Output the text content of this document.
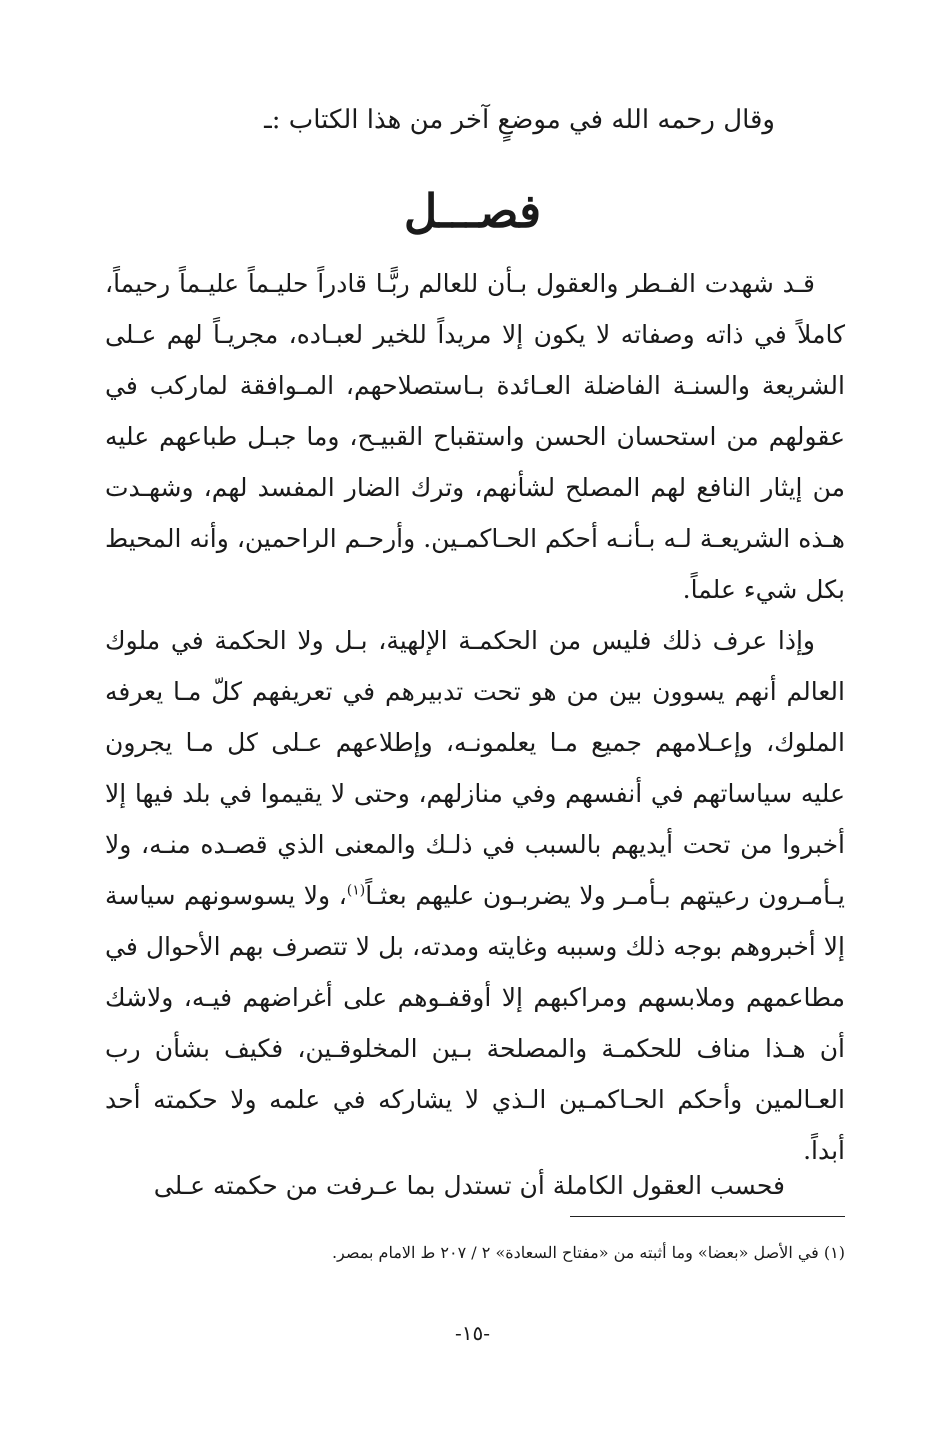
وقال رحمه الله في موضعٍ آخر من هذا الكتاب :ـ
فصـــل
قـد شهدت الفـطر والعقول بـأن للعالم ربًّـا قادراً حليـماً عليـماً رحيماً، كاملاً في ذاته وصفاته لا يكون إلا مريداً للخير لعبـاده، مجريـاً لهم عـلى الشريعة والسنـة الفاضلة العـائدة بـاستصلاحهم، المـوافقة لماركب في عقولهم من استحسان الحسن واستقباح القبيـح، وما جبـل طباعهم عليه من إيثار النافع لهم المصلح لشأنهم، وترك الضار المفسد لهم، وشهـدت هـذه الشريعـة لـه بـأنـه أحكم الحـاكمـين. وأرحـم الراحمين، وأنه المحيط بكل شيء علماً.
وإذا عرف ذلك فليس من الحكمـة الإلهية، بـل ولا الحكمة في ملوك العالم أنهم يسوون بين من هو تحت تدبيرهم في تعريفهم كلّ مـا يعرفه الملوك، وإعـلامهم جميع مـا يعلمونـه، وإطلاعهم عـلى كل مـا يجرون عليه سياساتهم في أنفسهم وفي منازلهم، وحتى لا يقيموا في بلد فيها إلا أخبروا من تحت أيديهم بالسبب في ذلـك والمعنى الذي قصـده منـه، ولا يـأمـرون رعيتهم بـأمـر ولا يضربـون عليهم بعثـاً$^{(١)}$، ولا يسوسونهم سياسة إلا أخبروهم بوجه ذلك وسببه وغايته ومدته، بل لا تتصرف بهم الأحوال في مطاعمهم وملابسهم ومراكبهم إلا أوقفـوهم على أغراضهم فيـه، ولاشك أن هـذا مناف للحكمـة والمصلحة بـين المخلوقـين، فكيف بشأن رب العـالمين وأحكم الحـاكمـين الـذي لا يشاركه في علمه ولا حكمته أحد أبداً.
فحسب العقول الكاملة أن تستدل بما عـرفت من حكمته عـلى
(١) في الأصل «بعضا» وما أثبته من «مفتاح السعادة» ٢ / ٢٠٧ ط الامام بمصر.
-١٥-
